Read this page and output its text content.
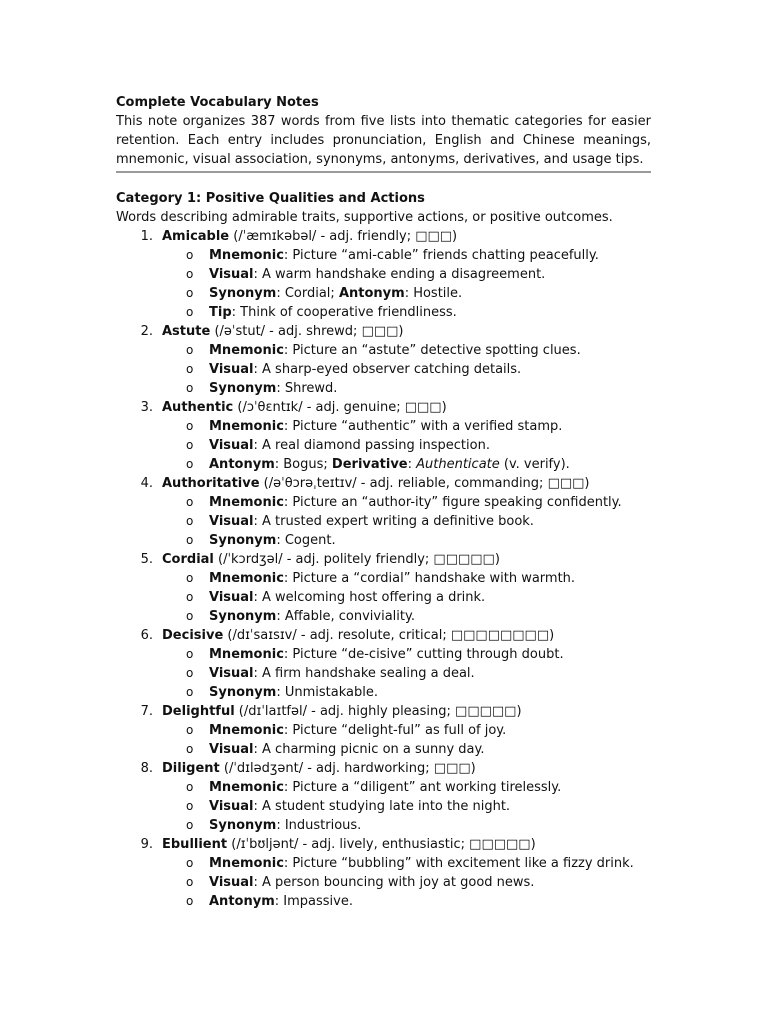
Complete Vocabulary Notes

This note organizes 387 words from five lists into thematic categories for easier retention. Each entry includes pronunciation, English and Chinese meanings, mnemonic, visual association, synonyms, antonyms, derivatives, and usage tips.

Category 1: Positive Qualities and Actions
Words describing admirable traits, supportive actions, or positive outcomes.
1. Amicable (/ˈæmɪkəbəl/ - adj. friendly; □□□)
o Mnemonic: Picture “ami-cable” friends chatting peacefully.
o Visual: A warm handshake ending a disagreement.
o Synonym: Cordial; Antonym: Hostile.
o Tip: Think of cooperative friendliness.
2. Astute (/əˈstut/ - adj. shrewd; □□□)
o Mnemonic: Picture an “astute” detective spotting clues.
o Visual: A sharp-eyed observer catching details.
o Synonym: Shrewd.
3. Authentic (/ɔˈθɛntɪk/ - adj. genuine; □□□)
o Mnemonic: Picture “authentic” with a verified stamp.
o Visual: A real diamond passing inspection.
o Antonym: Bogus; Derivative: Authenticate (v. verify).
4. Authoritative (/əˈθɔrəˌteɪtɪv/ - adj. reliable, commanding; □□□)
o Mnemonic: Picture an “author-ity” figure speaking confidently.
o Visual: A trusted expert writing a definitive book.
o Synonym: Cogent.
5. Cordial (/ˈkɔrdʒəl/ - adj. politely friendly; □□□□□)
o Mnemonic: Picture a “cordial” handshake with warmth.
o Visual: A welcoming host offering a drink.
o Synonym: Affable, conviviality.
6. Decisive (/dɪˈsaɪsɪv/ - adj. resolute, critical; □□□□□□□□)
o Mnemonic: Picture “de-cisive” cutting through doubt.
o Visual: A firm handshake sealing a deal.
o Synonym: Unmistakable.
7. Delightful (/dɪˈlaɪtfəl/ - adj. highly pleasing; □□□□□)
o Mnemonic: Picture “delight-ful” as full of joy.
o Visual: A charming picnic on a sunny day.
8. Diligent (/ˈdɪlədʒənt/ - adj. hardworking; □□□)
o Mnemonic: Picture a “diligent” ant working tirelessly.
o Visual: A student studying late into the night.
o Synonym: Industrious.
9. Ebullient (/ɪˈbʊljənt/ - adj. lively, enthusiastic; □□□□□)
o Mnemonic: Picture “bubbling” with excitement like a fizzy drink.
o Visual: A person bouncing with joy at good news.
o Antonym: Impassive.
